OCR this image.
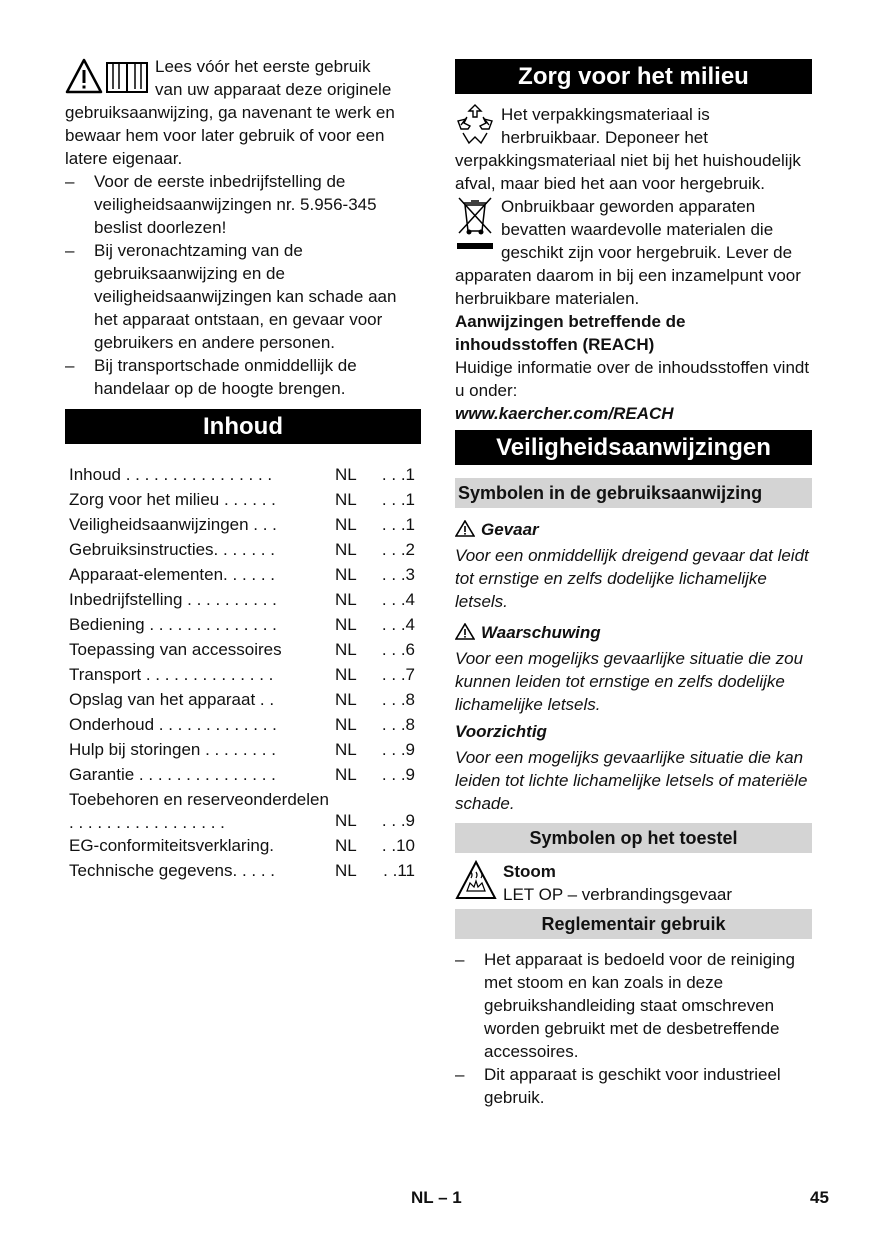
Lees vóór het eerste gebruik

van uw apparaat deze originele

gebruiksaanwijzing, ga navenant te werk en bewaar hem voor later gebruik of voor een latere eigenaar.

– Voor de eerste inbedrijfstelling de veiligheidsaanwijzingen nr. 5.956-345 beslist doorlezen!
– Bij veronachtzaming van de gebruiksaanwijzing en de veiligheidsaanwijzingen kan schade aan het apparaat ontstaan, en gevaar voor gebruikers en andere personen.
– Bij transportschade onmiddellijk de handelaar op de hoogte brengen.
Inhoud
Inhoud . . . . . . . . . . . . . . . .	NL	. . .1
Zorg voor het milieu . . . . . .	NL	. . .1
Veiligheidsaanwijzingen . . .	NL	. . .1
Gebruiksinstructies. . . . . . .	NL	. . .2
Apparaat-elementen. . . . . .	NL	. . .3
Inbedrijfstelling . . . . . . . . . .	NL	. . .4
Bediening . . . . . . . . . . . . . .	NL	. . .4
Toepassing van accessoires	NL	. . .6
Transport . . . . . . . . . . . . . .	NL	. . .7
Opslag van het apparaat . .	NL	. . .8
Onderhoud . . . . . . . . . . . . .	NL	. . .8
Hulp bij storingen . . . . . . . .	NL	. . .9
Garantie . . . . . . . . . . . . . . .	NL	. . .9
Toebehoren en reserveonderdelen . . . . . . . . . . . . . . . . .	NL	. . .9
EG-conformiteitsverklaring.	NL	. .10
Technische gegevens. . . . .	NL	. .11
Zorg voor het milieu

Het verpakkingsmateriaal is herbruikbaar. Deponeer het verpakkingsmateriaal niet bij het huishoudelijk afval, maar bied het aan voor hergebruik.

Onbruikbaar geworden apparaten bevatten waardevolle materialen die geschikt zijn voor hergebruik. Lever de apparaten daarom in bij een inzamelpunt voor herbruikbare materialen.

Aanwijzingen betreffende de inhoudsstoffen (REACH)

Huidige informatie over de inhoudsstoffen vindt u onder:

www.kaercher.com/REACH

Veiligheidsaanwijzingen
Symbolen in de gebruiksaanwijzing

Gevaar

Voor een onmiddellijk dreigend gevaar dat leidt tot ernstige en zelfs dodelijke lichamelijke letsels.

Waarschuwing

Voor een mogelijks gevaarlijke situatie die zou kunnen leiden tot ernstige en zelfs dodelijke lichamelijke letsels.

Voorzichtig

Voor een mogelijks gevaarlijke situatie die kan leiden tot lichte lichamelijke letsels of materiële schade.

Symbolen op het toestel

Stoom

LET OP – verbrandingsgevaar

Reglementair gebruik
– Het apparaat is bedoeld voor de reiniging met stoom en kan zoals in deze gebruikshandleiding staat omschreven worden gebruikt met de desbetreffende accessoires.
– Dit apparaat is geschikt voor industrieel gebruik.
NL – 1	45
